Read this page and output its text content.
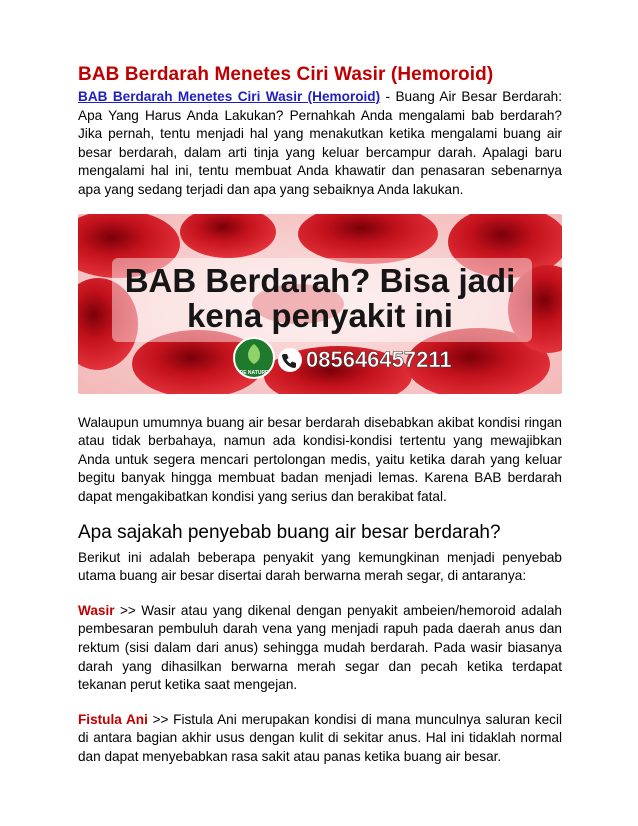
BAB Berdarah Menetes Ciri Wasir (Hemoroid)

BAB Berdarah Menetes Ciri Wasir (Hemoroid) - Buang Air Besar Berdarah: Apa Yang Harus Anda Lakukan? Pernahkah Anda mengalami bab berdarah? Jika pernah, tentu menjadi hal yang menakutkan ketika mengalami buang air besar berdarah, dalam arti tinja yang keluar bercampur darah. Apalagi baru mengalami hal ini, tentu membuat Anda khawatir dan penasaran sebenarnya apa yang sedang terjadi dan apa yang sebaiknya Anda lakukan.

BAB Berdarah? Bisa jadi
kena penyakit ini
DE NATURE
085646457211

Walaupun umumnya buang air besar berdarah disebabkan akibat kondisi ringan atau tidak berbahaya, namun ada kondisi-kondisi tertentu yang mewajibkan Anda untuk segera mencari pertolongan medis, yaitu ketika darah yang keluar begitu banyak hingga membuat badan menjadi lemas. Karena BAB berdarah dapat mengakibatkan kondisi yang serius dan berakibat fatal.

Apa sajakah penyebab buang air besar berdarah?

Berikut ini adalah beberapa penyakit yang kemungkinan menjadi penyebab utama buang air besar disertai darah berwarna merah segar, di antaranya:

Wasir >> Wasir atau yang dikenal dengan penyakit ambeien/hemoroid adalah pembesaran pembuluh darah vena yang menjadi rapuh pada daerah anus dan rektum (sisi dalam dari anus) sehingga mudah berdarah. Pada wasir biasanya darah yang dihasilkan berwarna merah segar dan pecah ketika terdapat tekanan perut ketika saat mengejan.

Fistula Ani >> Fistula Ani merupakan kondisi di mana munculnya saluran kecil di antara bagian akhir usus dengan kulit di sekitar anus. Hal ini tidaklah normal dan dapat menyebabkan rasa sakit atau panas ketika buang air besar.
